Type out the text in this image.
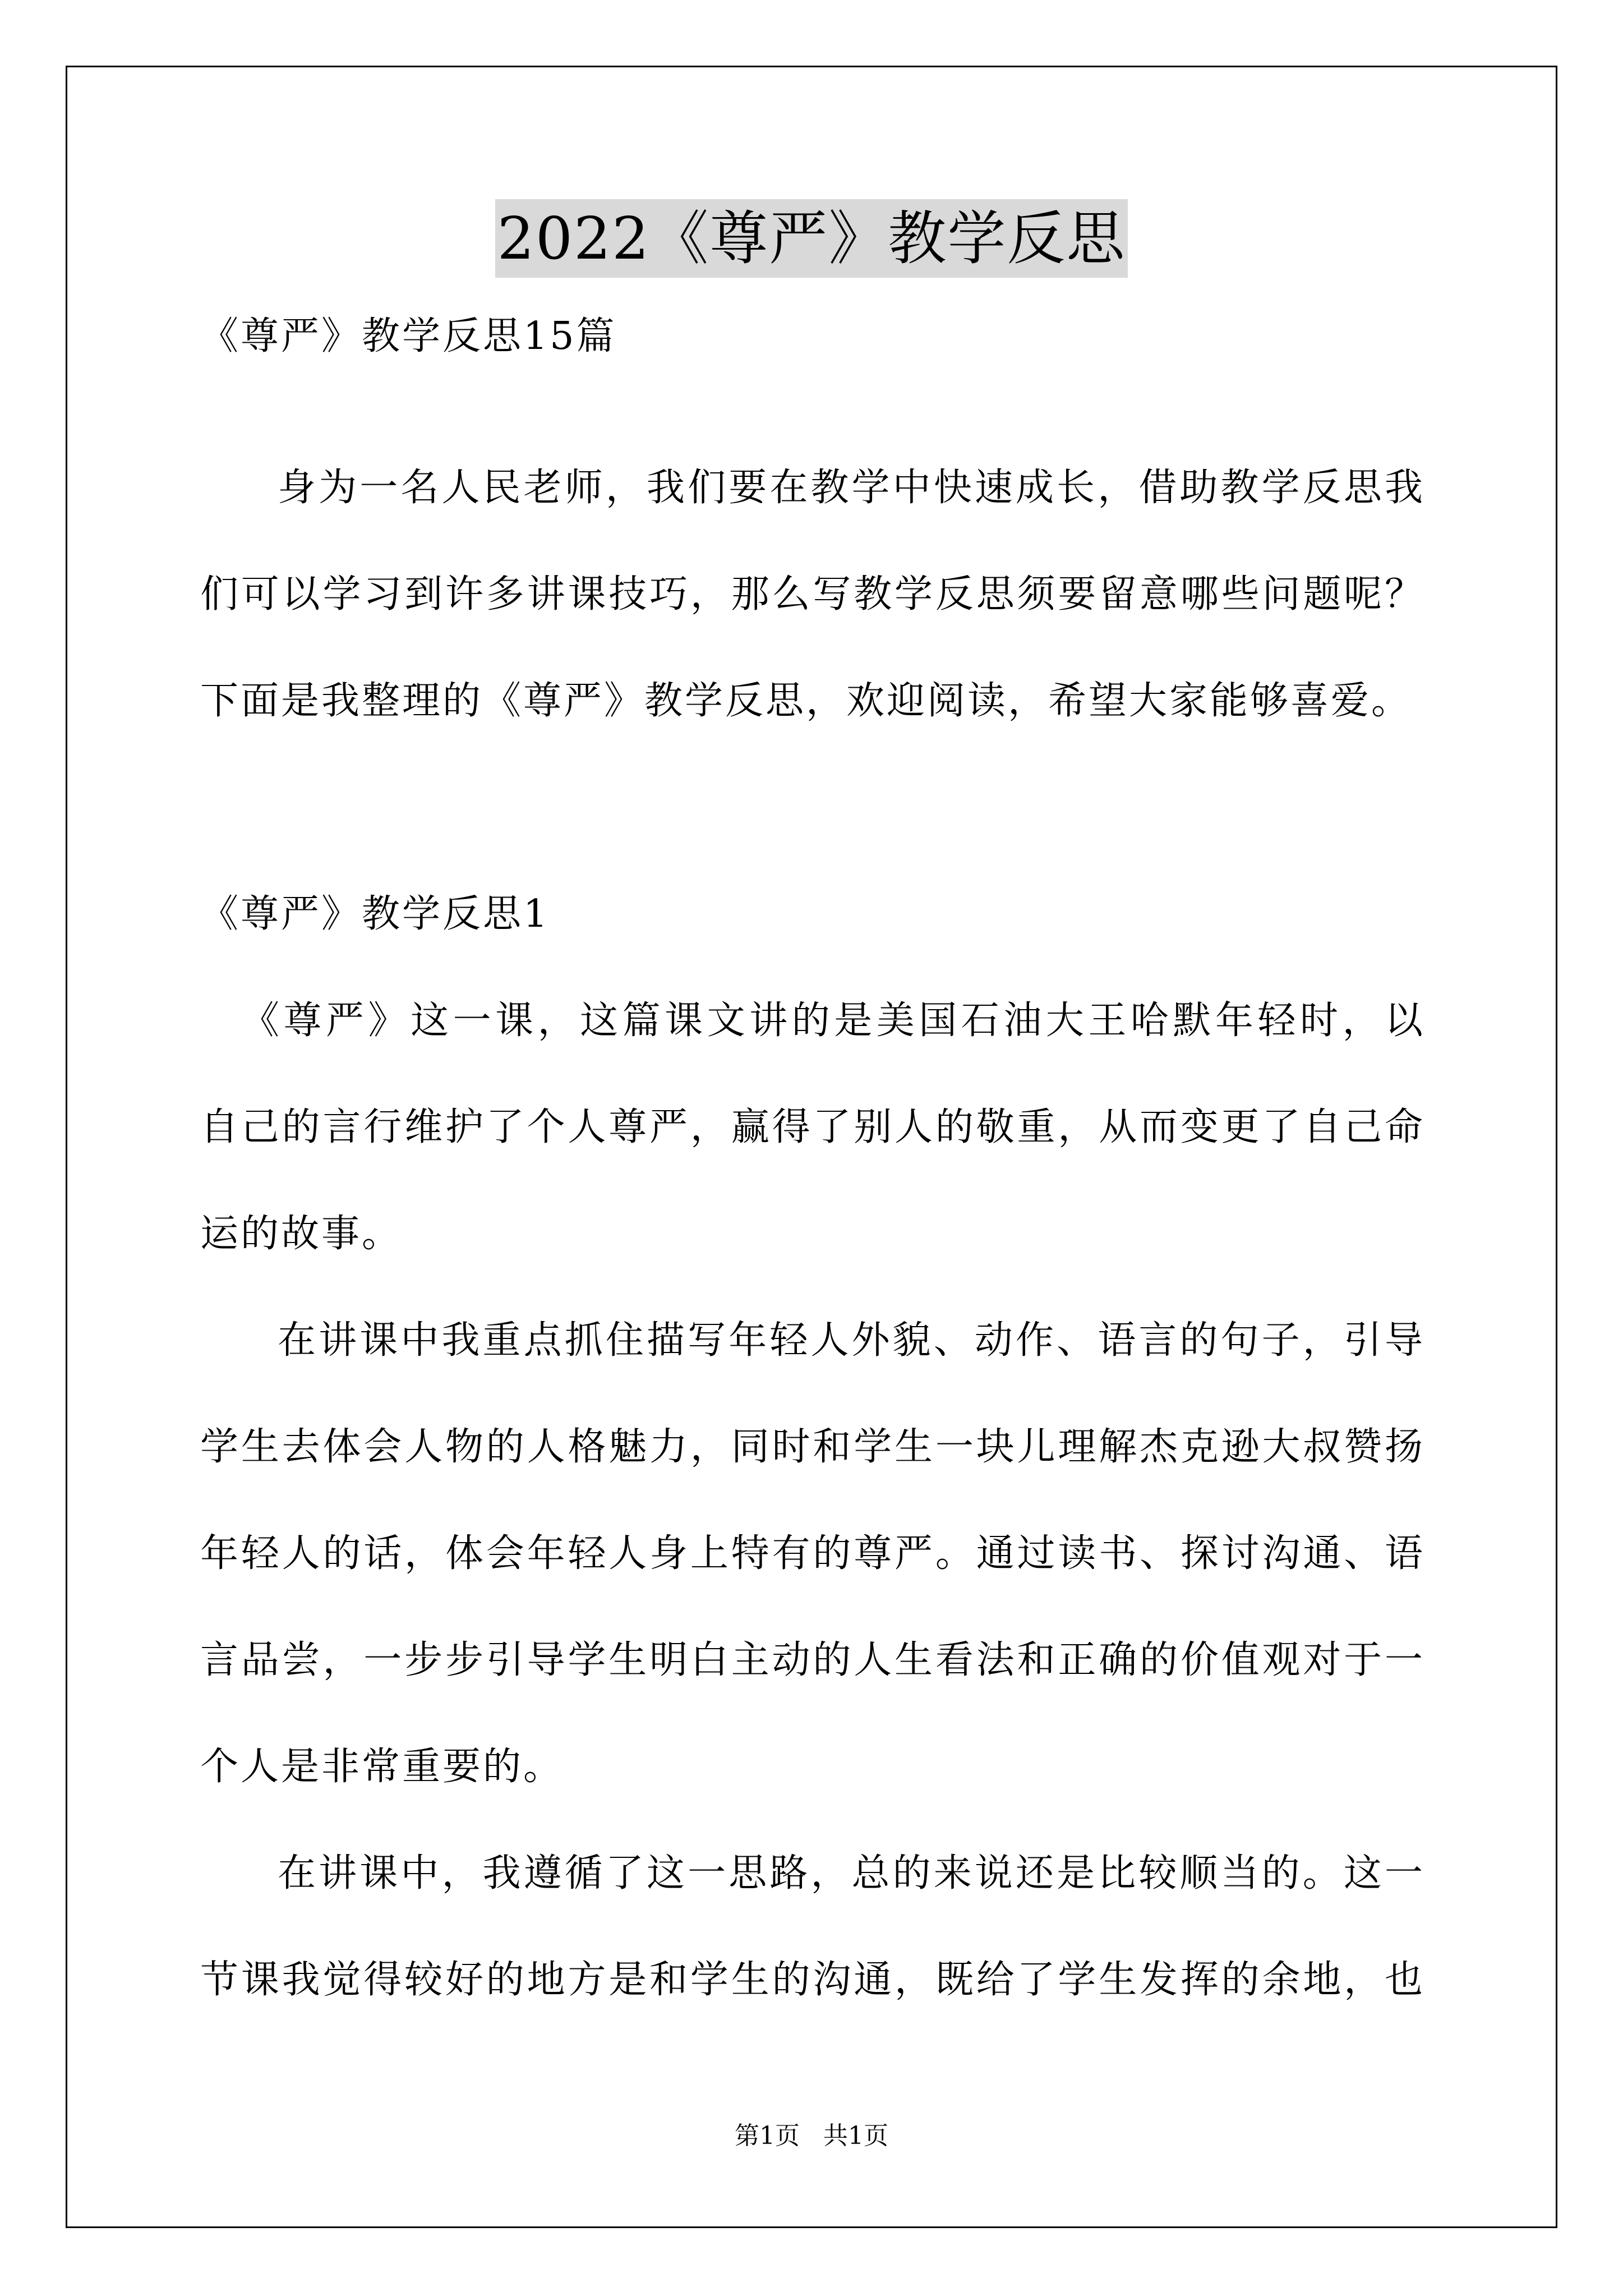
2022《尊严》教学反思
《尊严》教学反思15篇
身为一名人民老师，我们要在教学中快速成长，借助教学反思我
们可以学习到许多讲课技巧，那么写教学反思须要留意哪些问题呢？
下面是我整理的《尊严》教学反思，欢迎阅读，希望大家能够喜爱。
《尊严》教学反思1
《尊严》这一课，这篇课文讲的是美国石油大王哈默年轻时，以
自己的言行维护了个人尊严，赢得了别人的敬重，从而变更了自己命
运的故事。
在讲课中我重点抓住描写年轻人外貌、动作、语言的句子，引导
学生去体会人物的人格魅力，同时和学生一块儿理解杰克逊大叔赞扬
年轻人的话，体会年轻人身上特有的尊严。通过读书、探讨沟通、语
言品尝，一步步引导学生明白主动的人生看法和正确的价值观对于一
个人是非常重要的。
在讲课中，我遵循了这一思路，总的来说还是比较顺当的。这一
节课我觉得较好的地方是和学生的沟通，既给了学生发挥的余地，也
第1页 共1页
